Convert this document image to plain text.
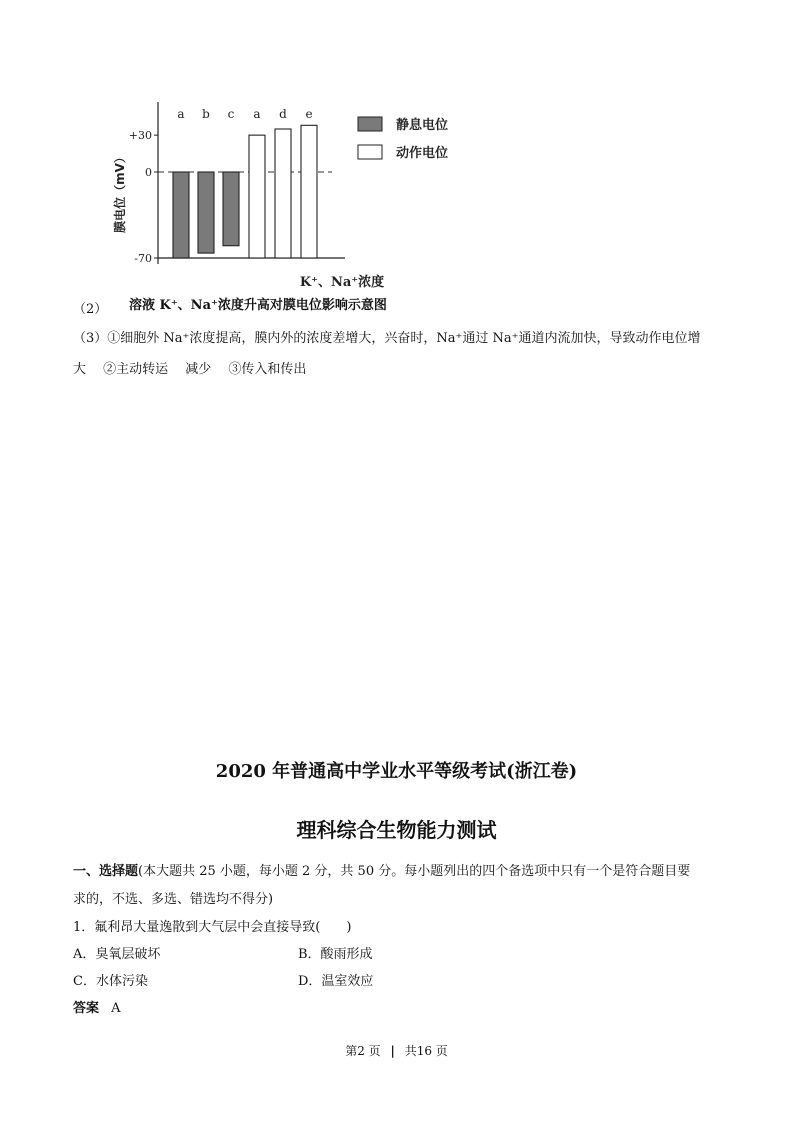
+30
0
-70
膜电位（mV）
a b c a d e
K⁺、Na⁺浓度
静息电位
动作电位
（2） 溶液 K⁺、Na⁺浓度升高对膜电位影响示意图
（3）①细胞外 Na⁺浓度提高，膜内外的浓度差增大，兴奋时，Na⁺通过 Na⁺通道内流加快，导致动作电位增
大　 ②主动转运　 减少　 ③传入和传出
2020 年普通高中学业水平等级考试(浙江卷)
理科综合生物能力测试
一、选择题(本大题共 25 小题，每小题 2 分，共 50 分。每小题列出的四个备选项中只有一个是符合题目要
求的，不选、多选、错选均不得分)
1．氟利昂大量逸散到大气层中会直接导致(　　)
A．臭氧层破坏	B．酸雨形成
C．水体污染	D．温室效应
答案 A
第2 页 | 共16 页
